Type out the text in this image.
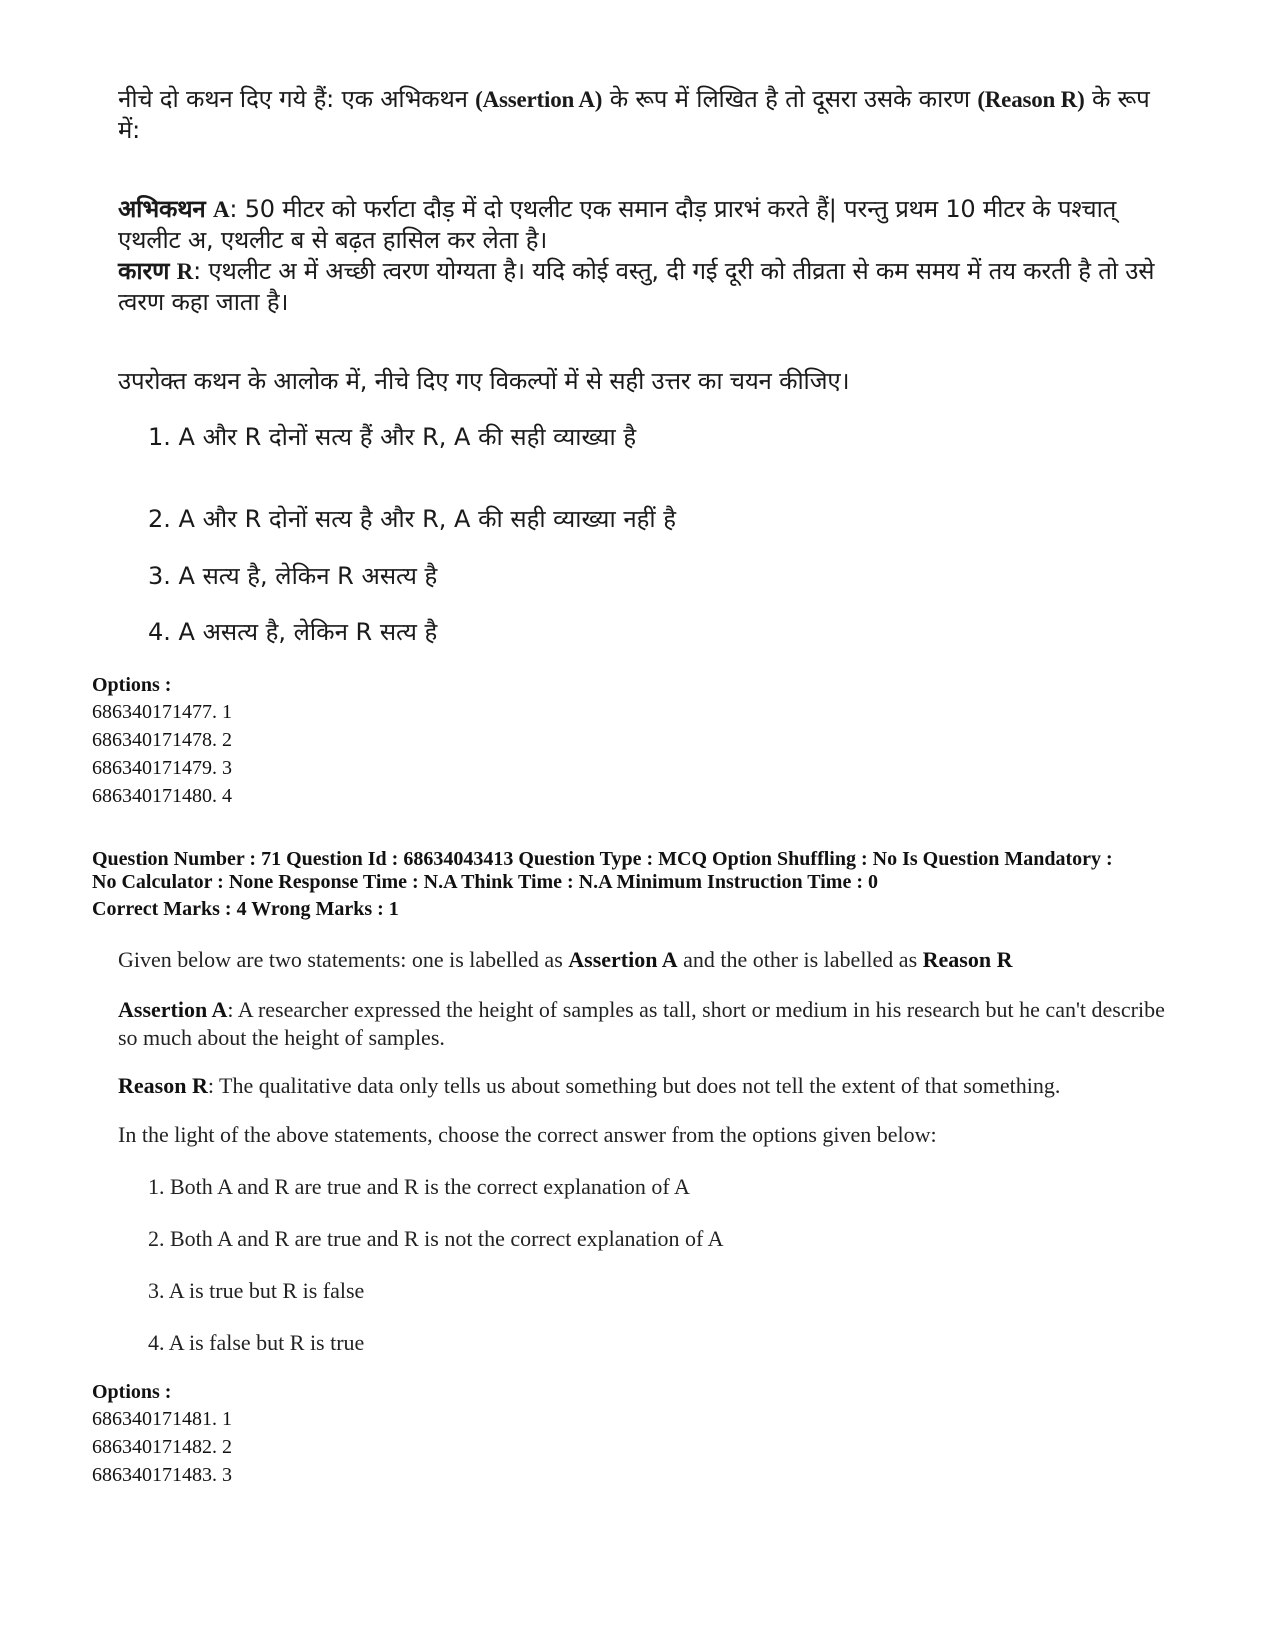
नीचे दो कथन दिए गये हैं: एक अभिकथन (Assertion A) के रूप में लिखित है तो दूसरा उसके कारण (Reason R) के रूप में:
अभिकथन A: 50 मीटर को फर्राटा दौड़ में दो एथलीट एक समान दौड़ प्रारभं करते हैं| परन्तु प्रथम 10 मीटर के पश्चात् एथलीट अ, एथलीट ब से बढ़त हासिल कर लेता है।
कारण R: एथलीट अ में अच्छी त्वरण योग्यता है। यदि कोई वस्तु, दी गई दूरी को तीव्रता से कम समय में तय करती है तो उसे त्वरण कहा जाता है।
उपरोक्त कथन के आलोक में, नीचे दिए गए विकल्पों में से सही उत्तर का चयन कीजिए।
1. A और R दोनों सत्य हैं और R, A की सही व्याख्या है
2. A और R दोनों सत्य है और R, A की सही व्याख्या नहीं है
3. A सत्य है, लेकिन R असत्य है
4. A असत्य है, लेकिन R सत्य है
Options :
686340171477. 1
686340171478. 2
686340171479. 3
686340171480. 4
Question Number : 71 Question Id : 68634043413 Question Type : MCQ Option Shuffling : No Is Question Mandatory :
No Calculator : None Response Time : N.A Think Time : N.A Minimum Instruction Time : 0
Correct Marks : 4 Wrong Marks : 1
Given below are two statements: one is labelled as Assertion A and the other is labelled as Reason R
Assertion A: A researcher expressed the height of samples as tall, short or medium in his research but he can't describe so much about the height of samples.
Reason R: The qualitative data only tells us about something but does not tell the extent of that something.
In the light of the above statements, choose the correct answer from the options given below:
1. Both A and R are true and R is the correct explanation of A
2. Both A and R are true and R is not the correct explanation of A
3. A is true but R is false
4. A is false but R is true
Options :
686340171481. 1
686340171482. 2
686340171483. 3
